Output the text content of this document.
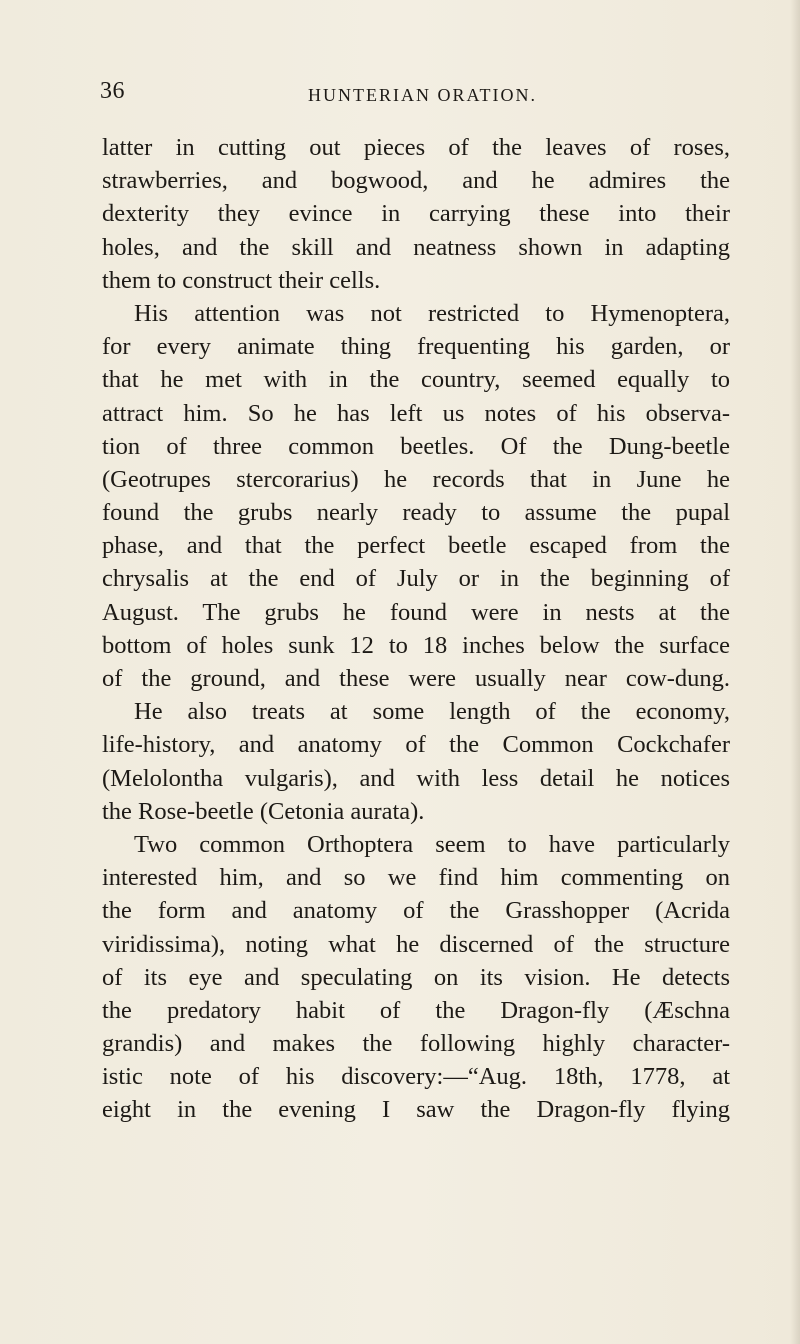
36	HUNTERIAN ORATION.
latter in cutting out pieces of the leaves of roses,
strawberries, and bogwood, and he admires the
dexterity they evince in carrying these into their
holes, and the skill and neatness shown in adapting
them to construct their cells.
His attention was not restricted to Hymenoptera,
for every animate thing frequenting his garden, or
that he met with in the country, seemed equally to
attract him. So he has left us notes of his observa-
tion of three common beetles. Of the Dung-beetle
(Geotrupes stercorarius) he records that in June he
found the grubs nearly ready to assume the pupal
phase, and that the perfect beetle escaped from the
chrysalis at the end of July or in the beginning of
August. The grubs he found were in nests at the
bottom of holes sunk 12 to 18 inches below the surface
of the ground, and these were usually near cow-dung.
He also treats at some length of the economy,
life-history, and anatomy of the Common Cockchafer
(Melolontha vulgaris), and with less detail he notices
the Rose-beetle (Cetonia aurata).
Two common Orthoptera seem to have particularly
interested him, and so we find him commenting on
the form and anatomy of the Grasshopper (Acrida
viridissima), noting what he discerned of the structure
of its eye and speculating on its vision. He detects
the predatory habit of the Dragon-fly (Æschna
grandis) and makes the following highly character-
istic note of his discovery:—“Aug. 18th, 1778, at
eight in the evening I saw the Dragon-fly flying
